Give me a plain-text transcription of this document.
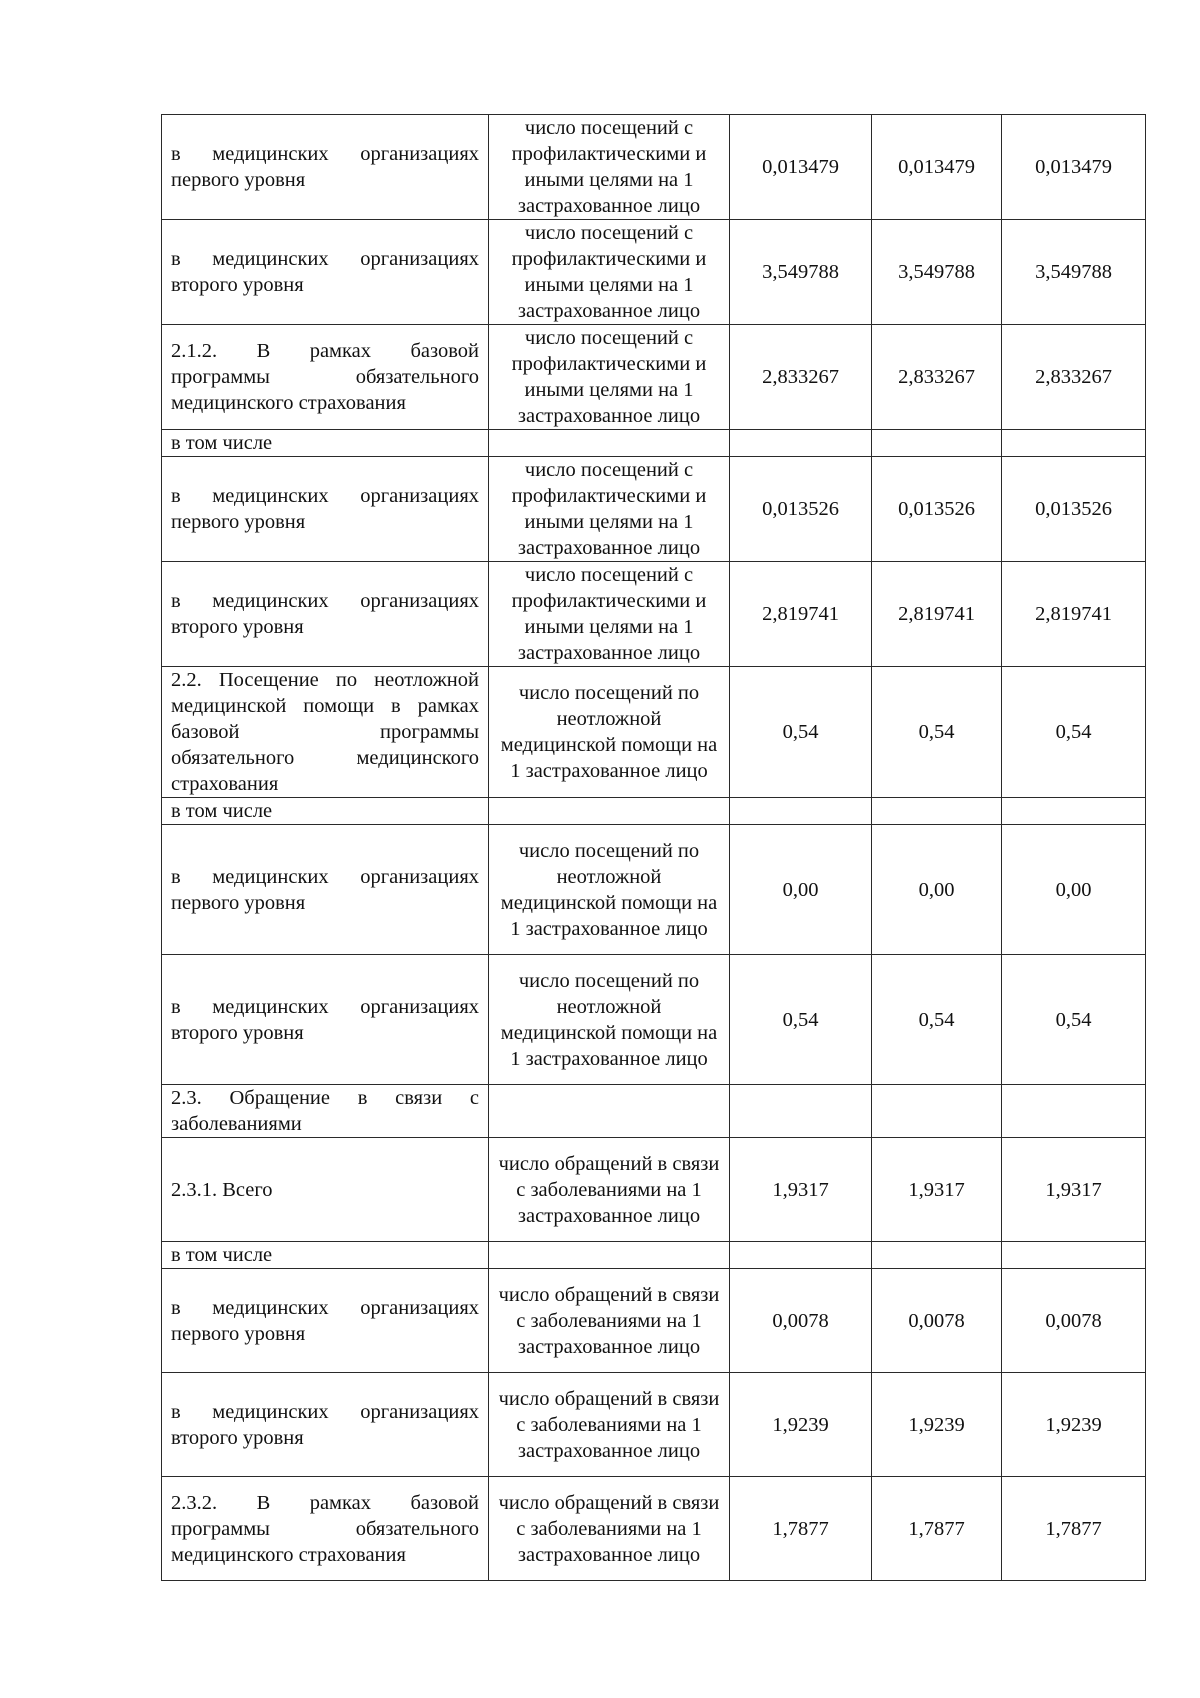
в медицинских организациях
первого уровня	число посещений с профилактическими и иными целями на 1 застрахованное лицо	0,013479	0,013479	0,013479

в медицинских организациях
второго уровня	число посещений с профилактическими и иными целями на 1 застрахованное лицо	3,549788	3,549788	3,549788

2.1.2. В рамках базовой
программы обязательного
медицинского страхования	число посещений с профилактическими и иными целями на 1 застрахованное лицо	2,833267	2,833267	2,833267

в том числе				

в медицинских организациях
первого уровня	число посещений с профилактическими и иными целями на 1 застрахованное лицо	0,013526	0,013526	0,013526

в медицинских организациях
второго уровня	число посещений с профилактическими и иными целями на 1 застрахованное лицо	2,819741	2,819741	2,819741

2.2. Посещение по неотложной
медицинской помощи в рамках
базовой программы
обязательного медицинского
страхования	число посещений по неотложной медицинской помощи на 1 застрахованное лицо	0,54	0,54	0,54

в том числе				

в медицинских организациях
первого уровня	число посещений по неотложной медицинской помощи на 1 застрахованное лицо	0,00	0,00	0,00

в медицинских организациях
второго уровня	число посещений по неотложной медицинской помощи на 1 застрахованное лицо	0,54	0,54	0,54

2.3. Обращение в связи с
заболеваниями				

2.3.1. Всего	число обращений в связи с заболеваниями на 1 застрахованное лицо	1,9317	1,9317	1,9317

в том числе				

в медицинских организациях
первого уровня	число обращений в связи с заболеваниями на 1 застрахованное лицо	0,0078	0,0078	0,0078

в медицинских организациях
второго уровня	число обращений в связи с заболеваниями на 1 застрахованное лицо	1,9239	1,9239	1,9239

2.3.2. В рамках базовой
программы обязательного
медицинского страхования	число обращений в связи с заболеваниями на 1 застрахованное лицо	1,7877	1,7877	1,7877
